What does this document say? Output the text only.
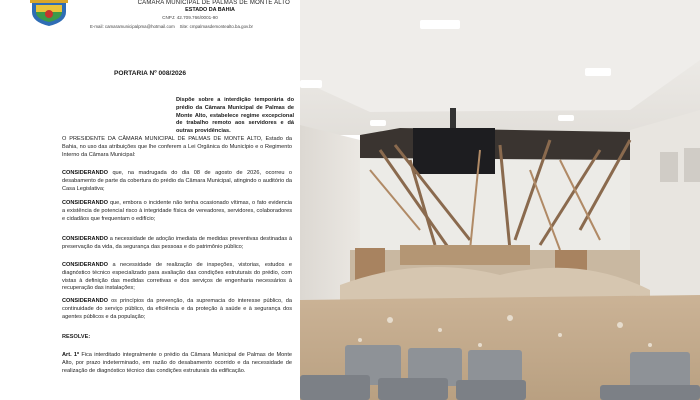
CÂMARA MUNICIPAL DE PALMAS DE MONTE ALTO
ESTADO DA BAHIA
CNPJ: 42.709.766/0001-90
E-mail: camaramunicipalpma@hotmail.com Site: cmpalmasdemontealto.ba.gov.br
PORTARIA Nº 008/2026
Dispõe sobre a interdição temporária do prédio da Câmara Municipal de Palmas de Monte Alto, estabelece regime excepcional de trabalho remoto aos servidores e dá outras providências.
O PRESIDENTE DA CÂMARA MUNICIPAL DE PALMAS DE MONTE ALTO, Estado da Bahia, no uso das atribuições que lhe conferem a Lei Orgânica do Município e o Regimento Interno da Câmara Municipal:
CONSIDERANDO que, na madrugada do dia 08 de agosto de 2026, ocorreu o desabamento de parte da cobertura do prédio da Câmara Municipal, atingindo o auditório da Casa Legislativa;
CONSIDERANDO que, embora o incidente não tenha ocasionado vítimas, o fato evidencia a existência de potencial risco à integridade física de vereadores, servidores, colaboradores e cidadãos que frequentam o edifício;
CONSIDERANDO a necessidade de adoção imediata de medidas preventivas destinadas à preservação da vida, da segurança das pessoas e do patrimônio público;
CONSIDERANDO a necessidade de realização de inspeções, vistorias, estudos e diagnóstico técnico especializado para avaliação das condições estruturais do prédio, com vistas à definição das medidas corretivas e dos serviços de engenharia necessários à recuperação das instalações;
CONSIDERANDO os princípios da prevenção, da supremacia do interesse público, da continuidade do serviço público, da eficiência e da proteção à saúde e à segurança dos agentes públicos e da população;
RESOLVE:
Art. 1º Fica interditado integralmente o prédio da Câmara Municipal de Palmas de Monte Alto, por prazo indeterminado, em razão do desabamento ocorrido e da necessidade de realização de diagnóstico técnico das condições estruturais da edificação.
